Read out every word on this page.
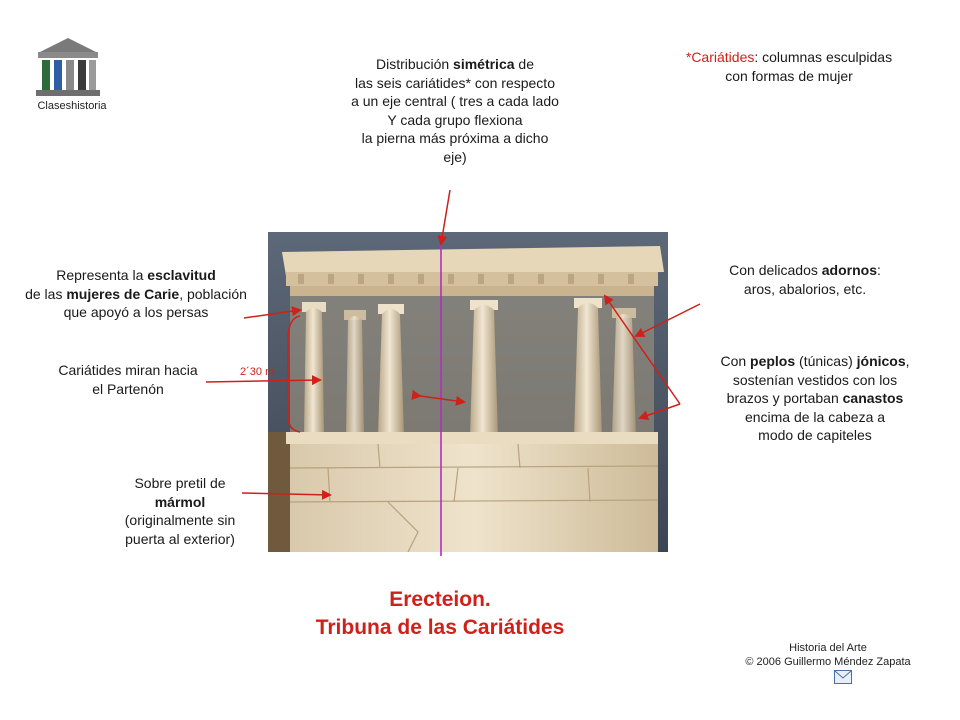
Claseshistoria
Distribución simétrica de
las seis cariátides* con respecto
a un eje central ( tres a cada lado
Y cada grupo flexiona
la pierna más próxima a dicho
eje)
*Cariátides: columnas esculpidas
con formas de mujer
Representa la esclavitud
de las mujeres de Carie, población
que apoyó a los persas
Cariátides miran hacia
el Partenón
2´30 m
Sobre pretil de
mármol
(originalmente sin
puerta al exterior)
Con delicados adornos:
aros, abalorios, etc.
Con peplos (túnicas) jónicos,
sostenían vestidos con los
brazos y portaban canastos
encima de la cabeza a
modo de capiteles
Erecteion.
Tribuna de las Cariátides
Historia del Arte
© 2006 Guillermo Méndez Zapata
